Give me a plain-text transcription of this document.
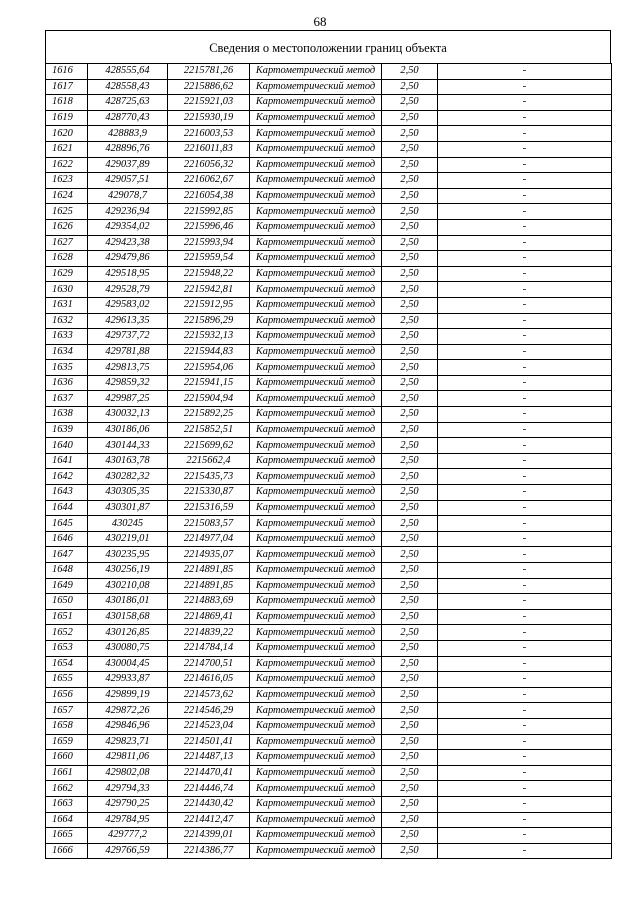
68
Сведения о местоположении границ объекта
1616	428555,64	2215781,26	Картометрический метод	2,50	-
1617	428558,43	2215886,62	Картометрический метод	2,50	-
1618	428725,63	2215921,03	Картометрический метод	2,50	-
1619	428770,43	2215930,19	Картометрический метод	2,50	-
1620	428883,9	2216003,53	Картометрический метод	2,50	-
1621	428896,76	2216011,83	Картометрический метод	2,50	-
1622	429037,89	2216056,32	Картометрический метод	2,50	-
1623	429057,51	2216062,67	Картометрический метод	2,50	-
1624	429078,7	2216054,38	Картометрический метод	2,50	-
1625	429236,94	2215992,85	Картометрический метод	2,50	-
1626	429354,02	2215996,46	Картометрический метод	2,50	-
1627	429423,38	2215993,94	Картометрический метод	2,50	-
1628	429479,86	2215959,54	Картометрический метод	2,50	-
1629	429518,95	2215948,22	Картометрический метод	2,50	-
1630	429528,79	2215942,81	Картометрический метод	2,50	-
1631	429583,02	2215912,95	Картометрический метод	2,50	-
1632	429613,35	2215896,29	Картометрический метод	2,50	-
1633	429737,72	2215932,13	Картометрический метод	2,50	-
1634	429781,88	2215944,83	Картометрический метод	2,50	-
1635	429813,75	2215954,06	Картометрический метод	2,50	-
1636	429859,32	2215941,15	Картометрический метод	2,50	-
1637	429987,25	2215904,94	Картометрический метод	2,50	-
1638	430032,13	2215892,25	Картометрический метод	2,50	-
1639	430186,06	2215852,51	Картометрический метод	2,50	-
1640	430144,33	2215699,62	Картометрический метод	2,50	-
1641	430163,78	2215662,4	Картометрический метод	2,50	-
1642	430282,32	2215435,73	Картометрический метод	2,50	-
1643	430305,35	2215330,87	Картометрический метод	2,50	-
1644	430301,87	2215316,59	Картометрический метод	2,50	-
1645	430245	2215083,57	Картометрический метод	2,50	-
1646	430219,01	2214977,04	Картометрический метод	2,50	-
1647	430235,95	2214935,07	Картометрический метод	2,50	-
1648	430256,19	2214891,85	Картометрический метод	2,50	-
1649	430210,08	2214891,85	Картометрический метод	2,50	-
1650	430186,01	2214883,69	Картометрический метод	2,50	-
1651	430158,68	2214869,41	Картометрический метод	2,50	-
1652	430126,85	2214839,22	Картометрический метод	2,50	-
1653	430080,75	2214784,14	Картометрический метод	2,50	-
1654	430004,45	2214700,51	Картометрический метод	2,50	-
1655	429933,87	2214616,05	Картометрический метод	2,50	-
1656	429899,19	2214573,62	Картометрический метод	2,50	-
1657	429872,26	2214546,29	Картометрический метод	2,50	-
1658	429846,96	2214523,04	Картометрический метод	2,50	-
1659	429823,71	2214501,41	Картометрический метод	2,50	-
1660	429811,06	2214487,13	Картометрический метод	2,50	-
1661	429802,08	2214470,41	Картометрический метод	2,50	-
1662	429794,33	2214446,74	Картометрический метод	2,50	-
1663	429790,25	2214430,42	Картометрический метод	2,50	-
1664	429784,95	2214412,47	Картометрический метод	2,50	-
1665	429777,2	2214399,01	Картометрический метод	2,50	-
1666	429766,59	2214386,77	Картометрический метод	2,50	-
